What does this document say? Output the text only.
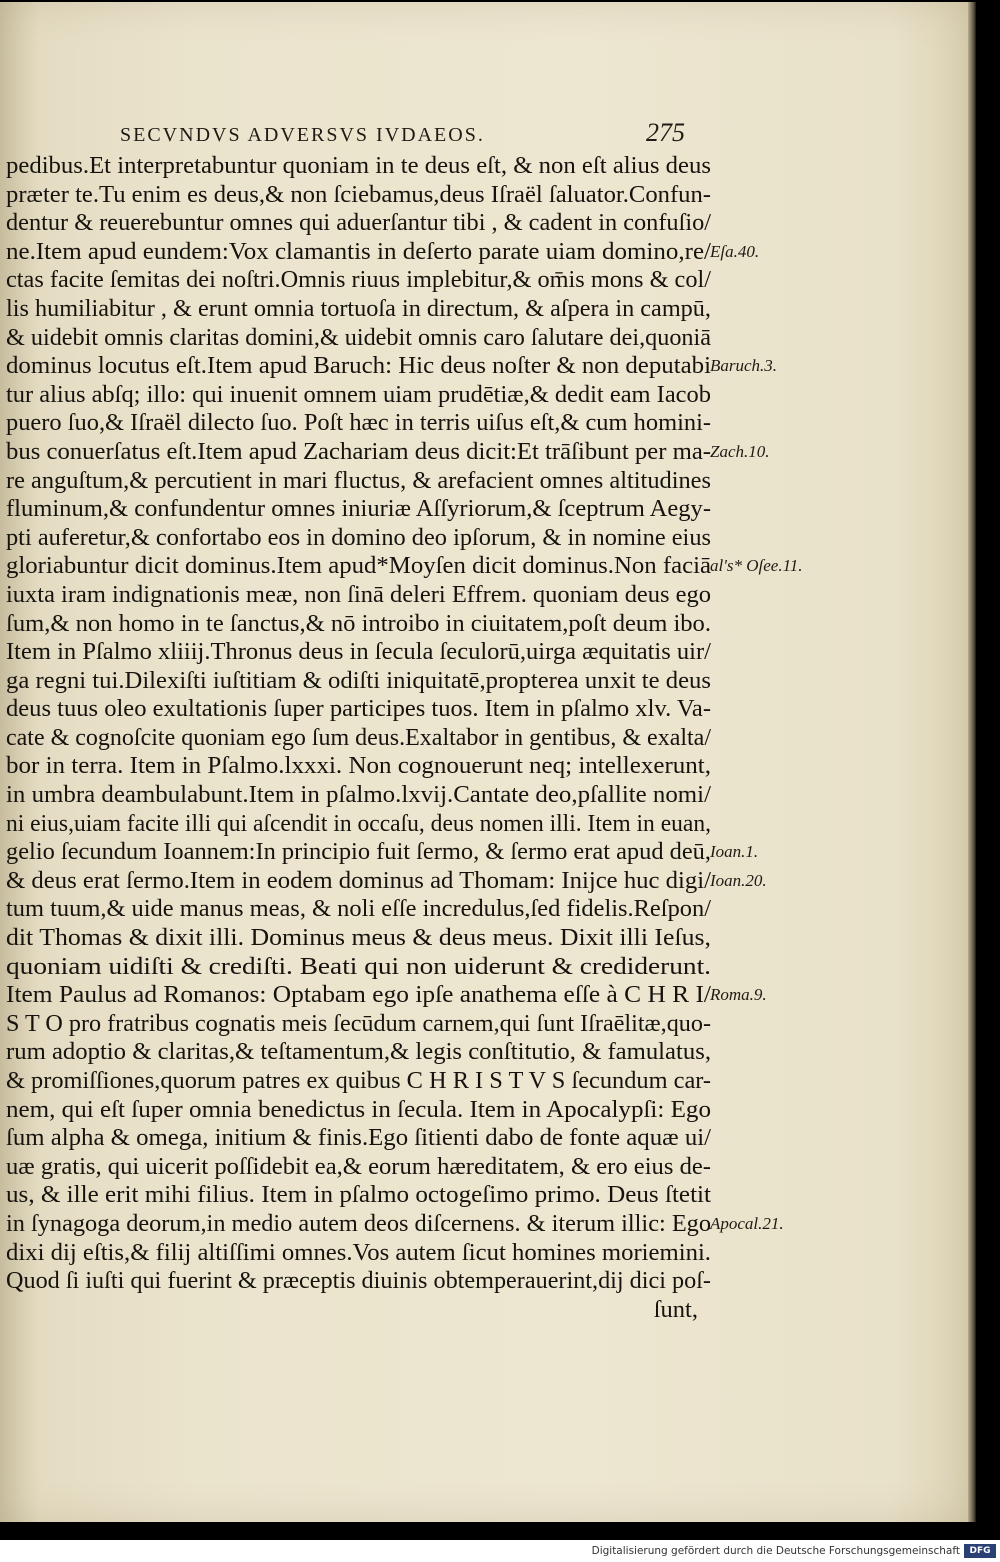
SECVNDVS ADVERSVS IVDAEOS.	275
pedibus.Et interpretabuntur quoniam in te deus eſt, & non eſt alius deus
præter te.Tu enim es deus,& non ſciebamus,deus Iſraël ſaluator.Confun-
dentur & reuerebuntur omnes qui aduerſantur tibi , & cadent in confuſio/
ne.Item apud eundem:Vox clamantis in deſerto parate uiam domino,re/
ctas facite ſemitas dei noſtri.Omnis riuus implebitur,& om̄is mons & col/
lis humiliabitur , & erunt omnia tortuoſa in directum, & aſpera in campū,
& uidebit omnis claritas domini,& uidebit omnis caro ſalutare dei,quoniā
dominus locutus eſt.Item apud Baruch: Hic deus noſter & non deputabi
tur alius abſq; illo: qui inuenit omnem uiam prudētiæ,& dedit eam Iacob
puero ſuo,& Iſraël dilecto ſuo. Poſt hæc in terris uiſus eſt,& cum homini-
bus conuerſatus eſt.Item apud Zachariam deus dicit:Et trāſibunt per ma-
re anguſtum,& percutient in mari fluctus, & arefacient omnes altitudines
fluminum,& confundentur omnes iniuriæ Aſſyriorum,& ſceptrum Aegy-
pti auferetur,& confortabo eos in domino deo ipſorum, & in nomine eius
gloriabuntur dicit dominus.Item apud*Moyſen dicit dominus.Non faciā
iuxta iram indignationis meæ, non ſinā deleri Effrem. quoniam deus ego
ſum,& non homo in te ſanctus,& nō introibo in ciuitatem,poſt deum ibo.
Item in Pſalmo xliiij.Thronus deus in ſecula ſeculorū,uirga æquitatis uir/
ga regni tui.Dilexiſti iuſtitiam & odiſti iniquitatē,propterea unxit te deus
deus tuus oleo exultationis ſuper participes tuos. Item in pſalmo xlv. Va-
cate & cognoſcite quoniam ego ſum deus.Exaltabor in gentibus, & exalta/
bor in terra. Item in Pſalmo.lxxxi. Non cognouerunt neq; intellexerunt,
in umbra deambulabunt.Item in pſalmo.lxvij.Cantate deo,pſallite nomi/
ni eius,uiam facite illi qui aſcendit in occaſu, deus nomen illi. Item in euan,
gelio ſecundum Ioannem:In principio fuit ſermo, & ſermo erat apud deū,
& deus erat ſermo.Item in eodem dominus ad Thomam: Inijce huc digi/
tum tuum,& uide manus meas, & noli eſſe incredulus,ſed fidelis.Reſpon/
dit Thomas & dixit illi. Dominus meus & deus meus. Dixit illi Ieſus,
quoniam uidiſti & crediſti. Beati qui non uiderunt & crediderunt.
Item Paulus ad Romanos: Optabam ego ipſe anathema eſſe à C H R I/
S T O pro fratribus cognatis meis ſecūdum carnem,qui ſunt Iſraēlitæ,quo-
rum adoptio & claritas,& teſtamentum,& legis conſtitutio, & famulatus,
& promiſſiones,quorum patres ex quibus C H R I S T V S ſecundum car-
nem, qui eſt ſuper omnia benedictus in ſecula. Item in Apocalypſi: Ego
ſum alpha & omega, initium & finis.Ego ſitienti dabo de fonte aquæ ui/
uæ gratis, qui uicerit poſſidebit ea,& eorum hæreditatem, & ero eius de-
us, & ille erit mihi filius. Item in pſalmo octogeſimo primo. Deus ſtetit
in ſynagoga deorum,in medio autem deos diſcernens. & iterum illic: Ego
dixi dij eſtis,& filij altiſſimi omnes.Vos autem ſicut homines moriemini.
Quod ſi iuſti qui fuerint & præceptis diuinis obtemperauerint,dij dici poſ-
ſunt,
Eſa.40.
Baruch.3.
Zach.10.
al's* Oſee.11.
Ioan.1.
Ioan.20.
Roma.9.
Apocal.21.
Digitalisierung gefördert durch die Deutsche Forschungsgemeinschaft	DFG
